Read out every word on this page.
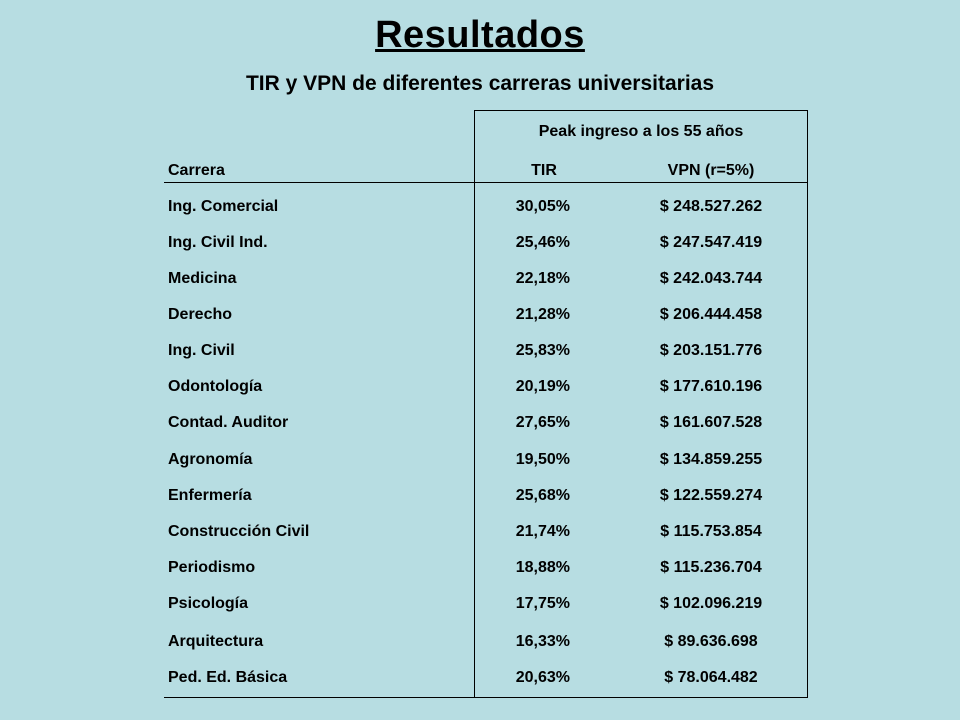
Resultados
TIR y VPN de diferentes carreras universitarias
Peak ingreso a los 55 años
Carrera	TIR	VPN (r=5%)
Ing. Comercial	30,05%	$ 248.527.262
Ing. Civil Ind.	25,46%	$ 247.547.419
Medicina	22,18%	$ 242.043.744
Derecho	21,28%	$ 206.444.458
Ing. Civil	25,83%	$ 203.151.776
Odontología	20,19%	$ 177.610.196
Contad. Auditor	27,65%	$ 161.607.528
Agronomía	19,50%	$ 134.859.255
Enfermería	25,68%	$ 122.559.274
Construcción Civil	21,74%	$ 115.753.854
Periodismo	18,88%	$ 115.236.704
Psicología	17,75%	$ 102.096.219
Arquitectura	16,33%	$ 89.636.698
Ped. Ed. Básica	20,63%	$ 78.064.482
